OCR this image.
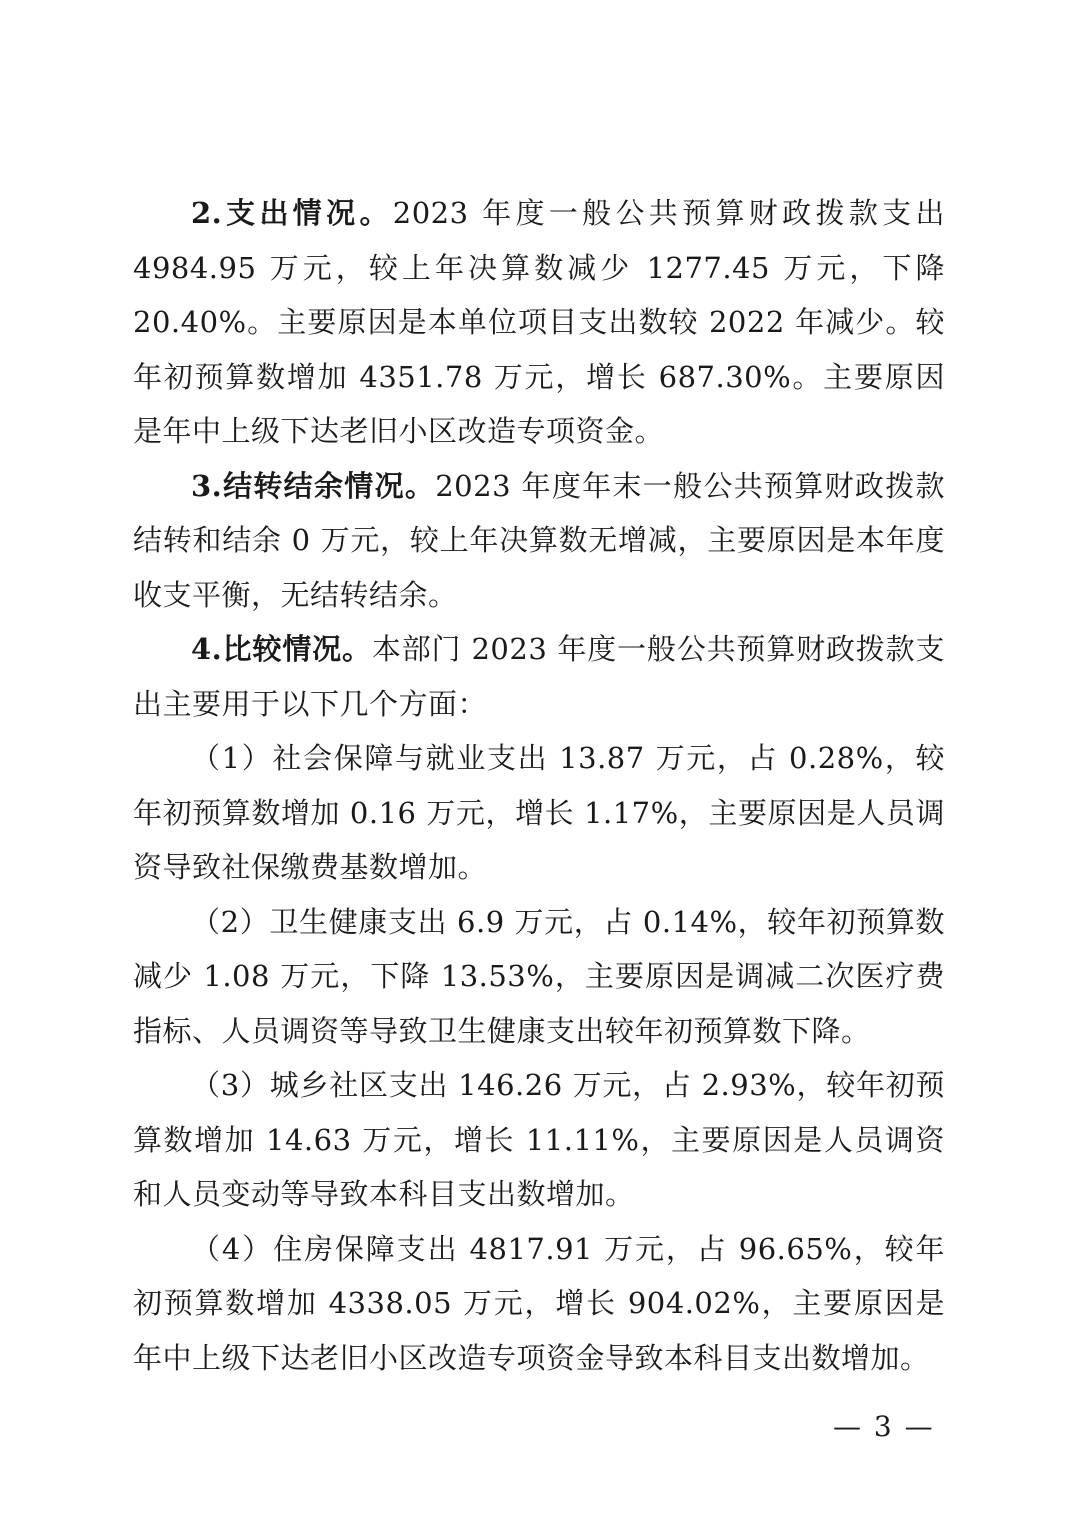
2.支出情况。2023 年度一般公共预算财政拨款支出 4984.95 万元，较上年决算数减少 1277.45 万元，下降 20.40%。主要原因是本单位项目支出数较 2022 年减少。较年初预算数增加 4351.78 万元，增长 687.30%。主要原因是年中上级下达老旧小区改造专项资金。

3.结转结余情况。2023 年度年末一般公共预算财政拨款结转和结余 0 万元，较上年决算数无增减，主要原因是本年度收支平衡，无结转结余。

4.比较情况。本部门 2023 年度一般公共预算财政拨款支出主要用于以下几个方面：

（1）社会保障与就业支出 13.87 万元，占 0.28%，较年初预算数增加 0.16 万元，增长 1.17%，主要原因是人员调资导致社保缴费基数增加。

（2）卫生健康支出 6.9 万元，占 0.14%，较年初预算数减少 1.08 万元，下降 13.53%，主要原因是调减二次医疗费指标、人员调资等导致卫生健康支出较年初预算数下降。

（3）城乡社区支出 146.26 万元，占 2.93%，较年初预算数增加 14.63 万元，增长 11.11%，主要原因是人员调资和人员变动等导致本科目支出数增加。

（4）住房保障支出 4817.91 万元，占 96.65%，较年初预算数增加 4338.05 万元，增长 904.02%，主要原因是年中上级下达老旧小区改造专项资金导致本科目支出数增加。

— 3 —
